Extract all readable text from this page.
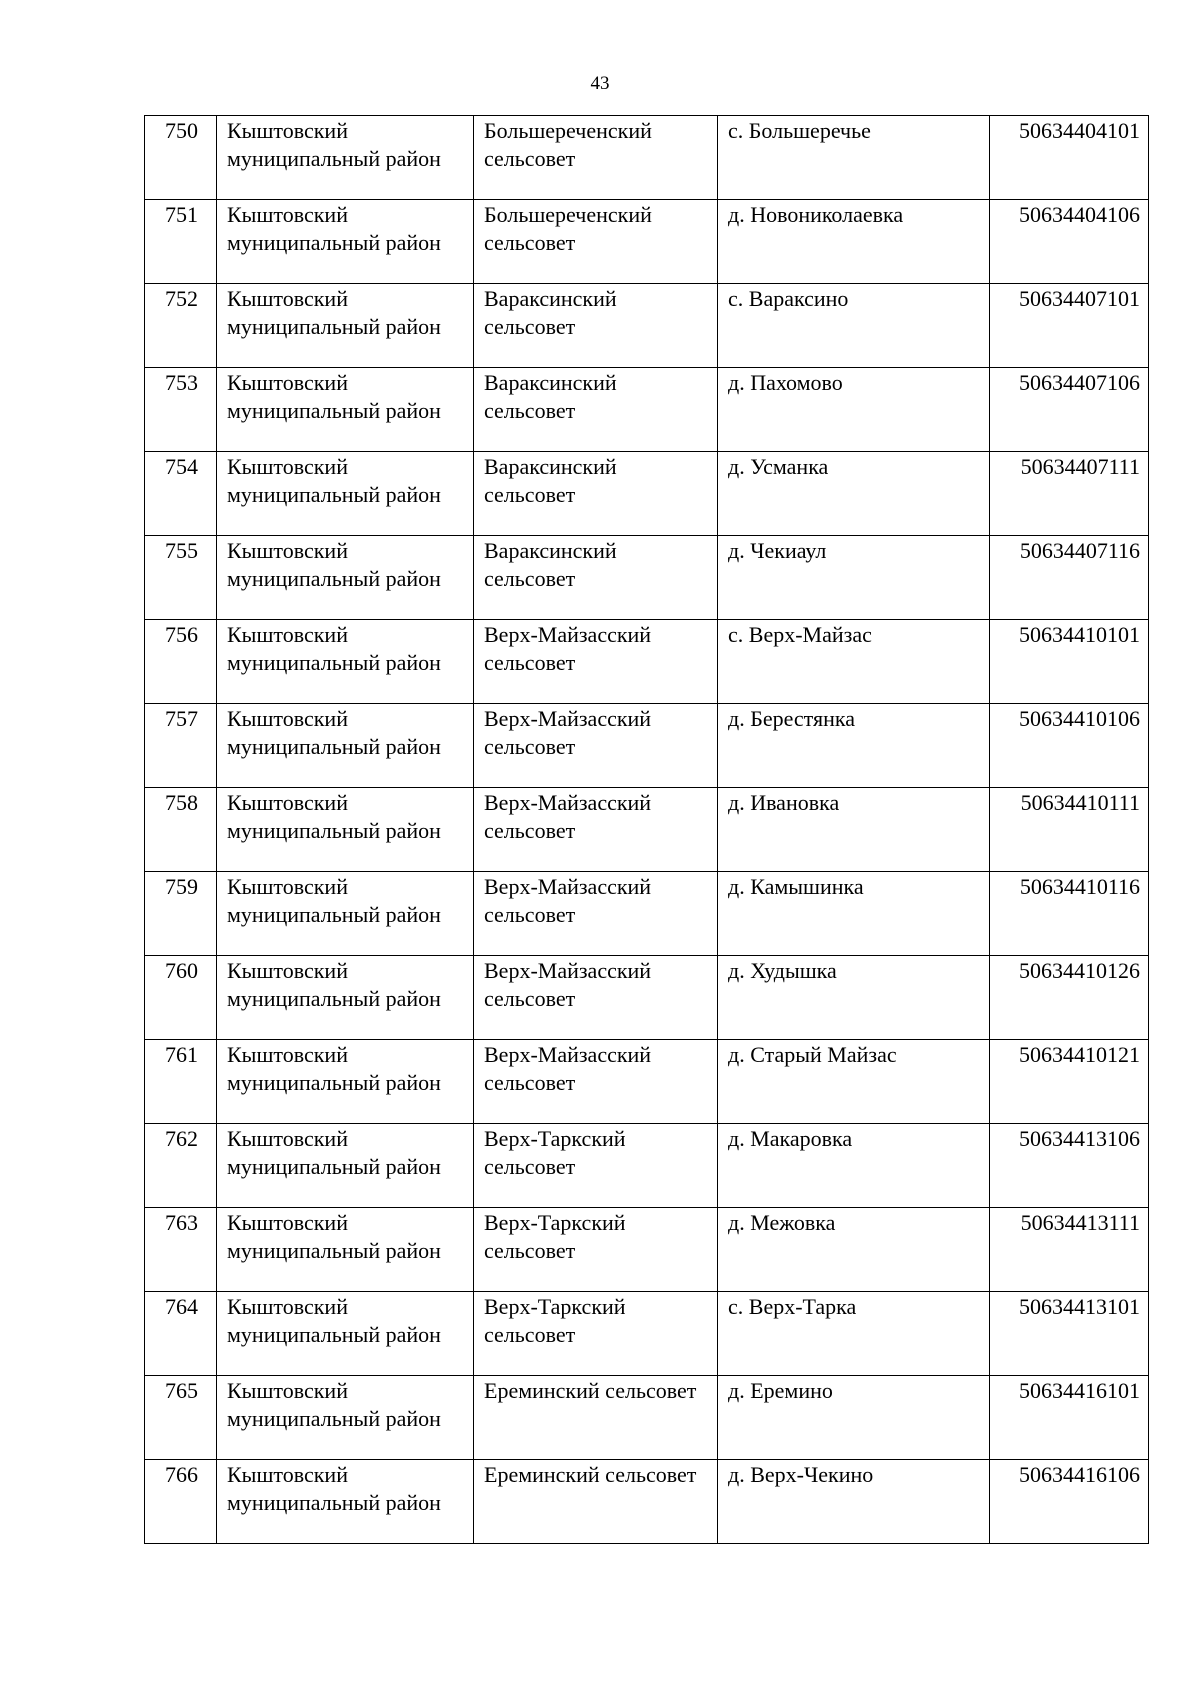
43
750	Кыштовский муниципальный район	Большереченский сельсовет	с. Большеречье	50634404101

751	Кыштовский муниципальный район	Большереченский сельсовет	д. Новониколаевка	50634404106

752	Кыштовский муниципальный район	Вараксинский сельсовет	с. Вараксино	50634407101

753	Кыштовский муниципальный район	Вараксинский сельсовет	д. Пахомово	50634407106

754	Кыштовский муниципальный район	Вараксинский сельсовет	д. Усманка	50634407111

755	Кыштовский муниципальный район	Вараксинский сельсовет	д. Чекиаул	50634407116

756	Кыштовский муниципальный район	Верх-Майзасский сельсовет	с. Верх-Майзас	50634410101

757	Кыштовский муниципальный район	Верх-Майзасский сельсовет	д. Берестянка	50634410106

758	Кыштовский муниципальный район	Верх-Майзасский сельсовет	д. Ивановка	50634410111

759	Кыштовский муниципальный район	Верх-Майзасский сельсовет	д. Камышинка	50634410116

760	Кыштовский муниципальный район	Верх-Майзасский сельсовет	д. Худышка	50634410126

761	Кыштовский муниципальный район	Верх-Майзасский сельсовет	д. Старый Майзас	50634410121

762	Кыштовский муниципальный район	Верх-Таркский сельсовет	д. Макаровка	50634413106

763	Кыштовский муниципальный район	Верх-Таркский сельсовет	д. Межовка	50634413111

764	Кыштовский муниципальный район	Верх-Таркский сельсовет	с. Верх-Тарка	50634413101

765	Кыштовский муниципальный район	Ереминский сельсовет	д. Еремино	50634416101

766	Кыштовский муниципальный район	Ереминский сельсовет	д. Верх-Чекино	50634416106
